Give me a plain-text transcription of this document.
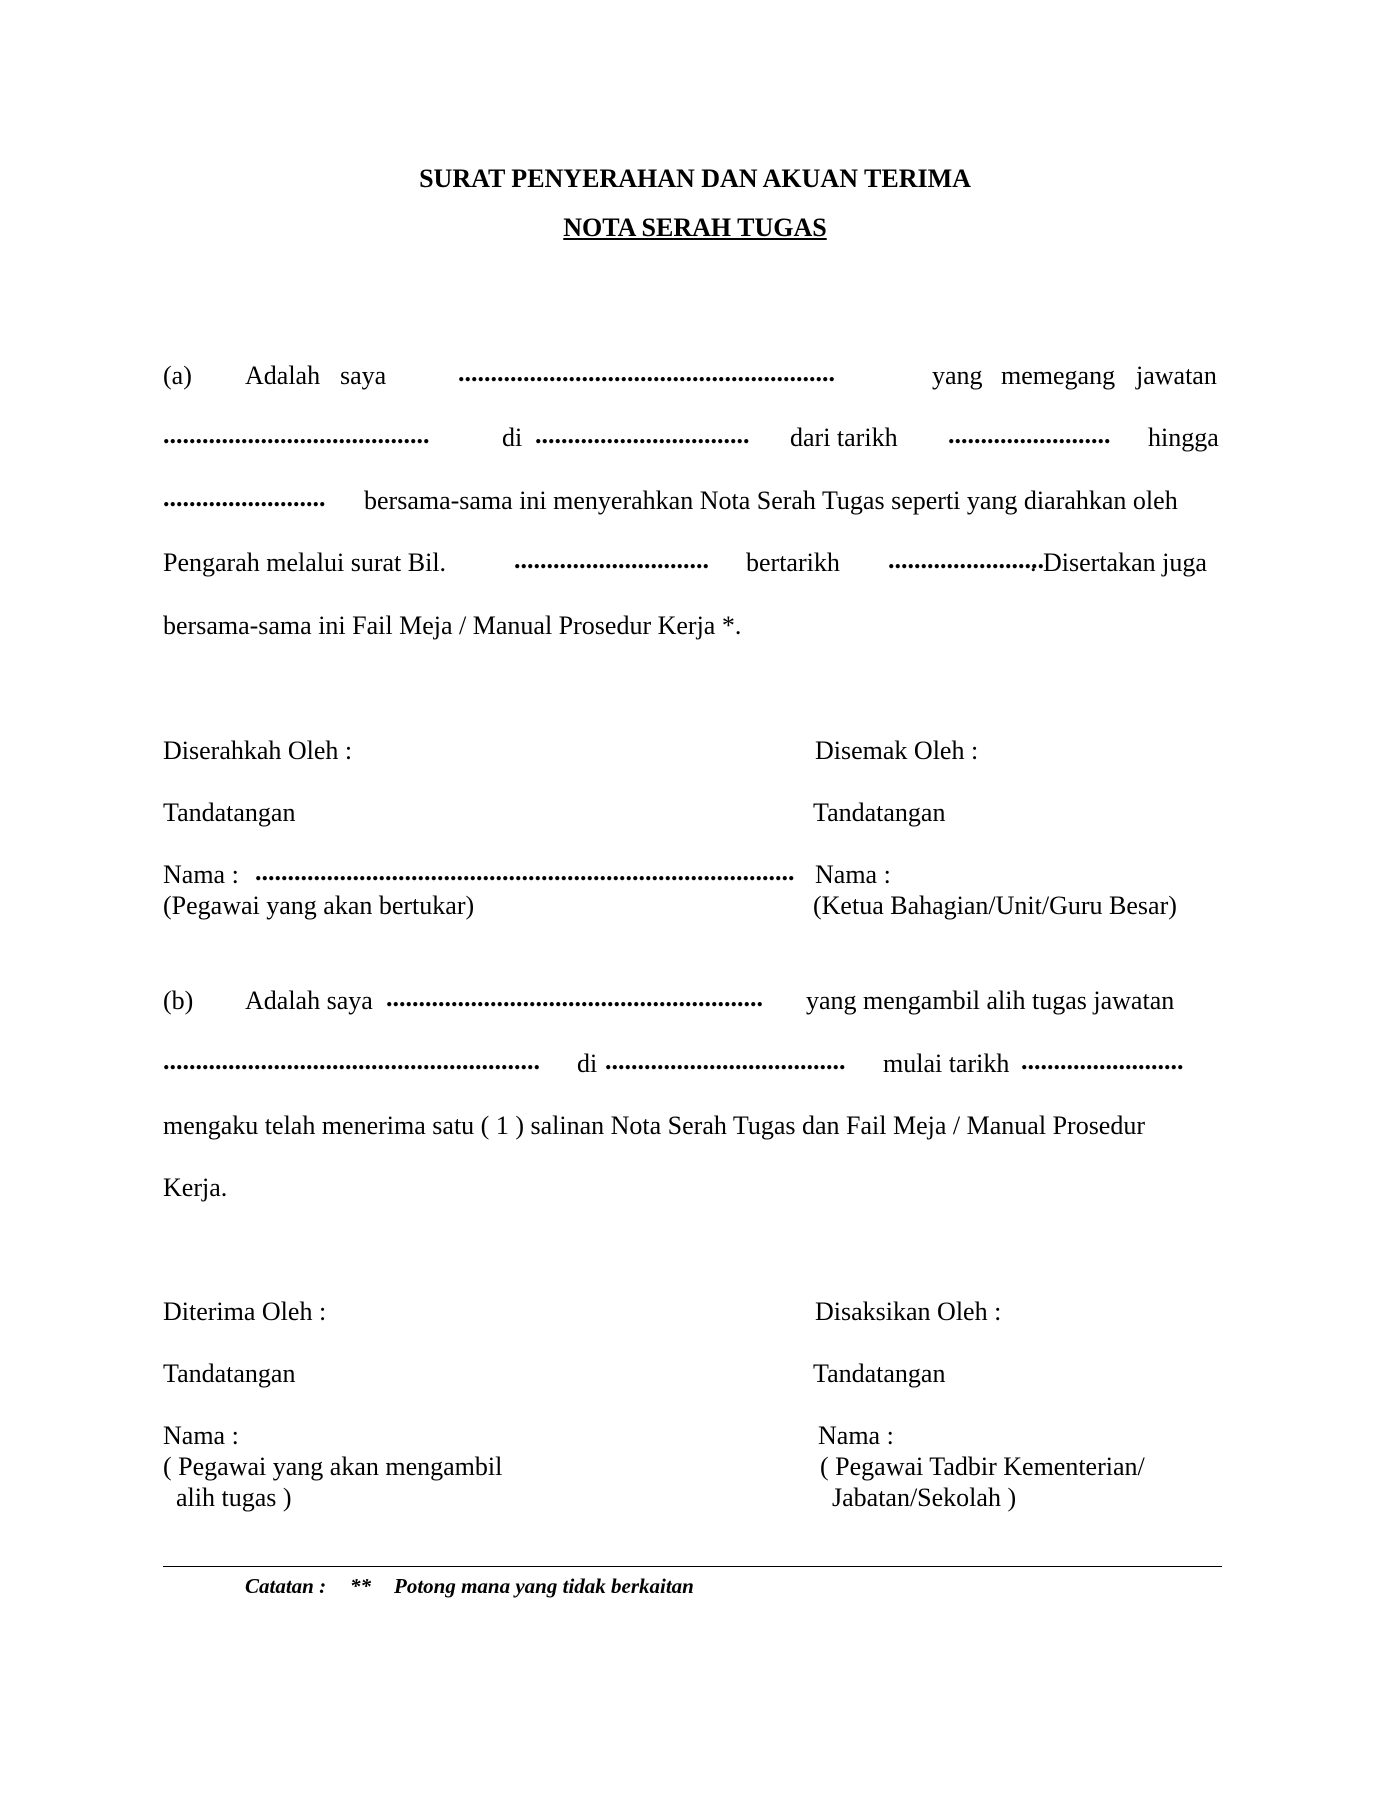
SURAT PENYERAHAN DAN AKUAN TERIMA
NOTA SERAH TUGAS
(a) Adalah saya	..........................................................	yang memegang jawatan
.........................................	di ................................. dari tarikh ......................... hingga
......................... bersama-sama ini menyerahkan Nota Serah Tugas seperti yang diarahkan oleh
Pengarah melalui surat Bil.	.............................. bertarikh ........................
. Disertakan juga
bersama-sama ini Fail Meja / Manual Prosedur Kerja *.
Diserahkah Oleh :
Tandatangan
Nama : ...................................................................................
(Pegawai yang akan bertukar)
Disemak Oleh :
Tandatangan
Nama :
(Ketua Bahagian/Unit/Guru Besar)
(b) Adalah saya .......................................................... yang mengambil alih tugas jawatan
.......................................................... di ..................................... mulai tarikh .........................
mengaku telah menerima satu ( 1 ) salinan Nota Serah Tugas dan Fail Meja / Manual Prosedur
Kerja.
Diterima Oleh :
Tandatangan
Nama :
( Pegawai yang akan mengambil
alih tugas )
Disaksikan Oleh :
Tandatangan
Nama :
( Pegawai Tadbir Kementerian/
Jabatan/Sekolah )
Catatan : ** Potong mana yang tidak berkaitan
